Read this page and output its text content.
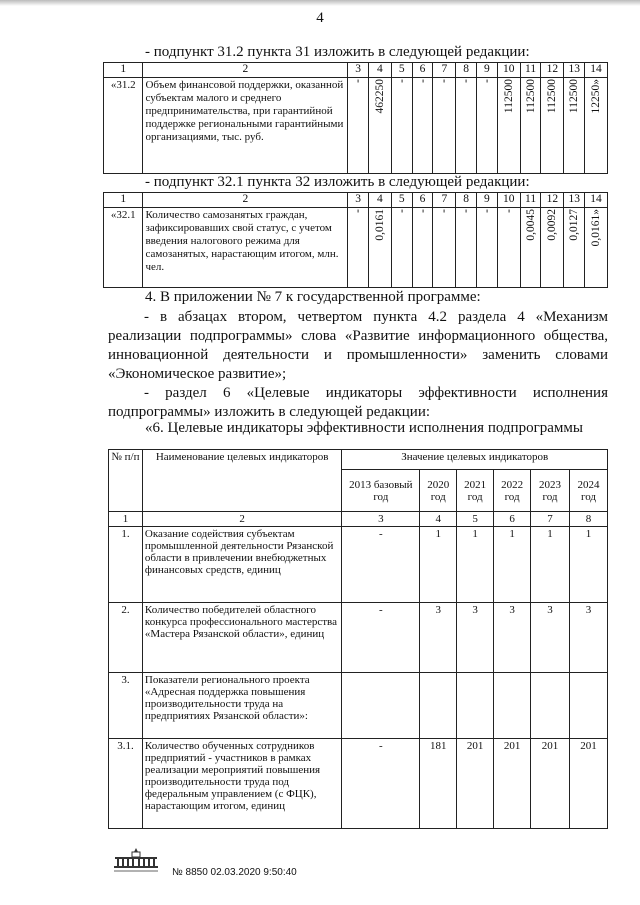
4
- подпункт 31.2 пункта 31 изложить в следующей редакции:
1	2	3	4	5	6	7	8	9	10	11	12	13	14
«31.2	Объем финансовой поддержки, оказанной субъектам малого и среднего предпринимательства, при гарантийной поддержке региональными гарантийными организациями, тыс. руб.	-	462250	-	-	-	-	-	112500	112500	112500	112500	12250»
- подпункт 32.1 пункта 32 изложить в следующей редакции:
1	2	3	4	5	6	7	8	9	10	11	12	13	14
«32.1	Количество самозанятых граждан, зафиксировавших свой статус, с учетом введения налогового режима для самозанятых, нарастающим итогом, млн. чел.	-	0,0161	-	-	-	-	-	-	0,0045	0,0092	0,0127	0,0161»
4. В приложении № 7 к государственной программе:
- в абзацах втором, четвертом пункта 4.2 раздела 4 «Механизм реализации подпрограммы» слова «Развитие информационного общества, инновационной деятельности и промышленности» заменить словами «Экономическое развитие»;
- раздел 6 «Целевые индикаторы эффективности исполнения подпрограммы» изложить в следующей редакции:
«6. Целевые индикаторы эффективности исполнения подпрограммы
№ п/п	Наименование целевых индикаторов	Значение целевых индикаторов					
		2013 базовый год	2020 год	2021 год	2022 год	2023 год	2024 год
1	2	3	4	5	6	7	8
1.	Оказание содействия субъектам промышленной деятельности Рязанской области в привлечении внебюджетных финансовых средств, единиц	-	1	1	1	1	1
2.	Количество победителей областного конкурса профессионального мастерства «Мастера Рязанской области», единиц	-	3	3	3	3	3
3.	Показатели регионального проекта «Адресная поддержка повышения производительности труда на предприятиях Рязанской области»:						
3.1.	Количество обученных сотрудников предприятий - участников в рамках реализации мероприятий повышения производительности труда под федеральным управлением (с ФЦК), нарастающим итогом, единиц	-	181	201	201	201	201
№ 8850 02.03.2020 9:50:40
